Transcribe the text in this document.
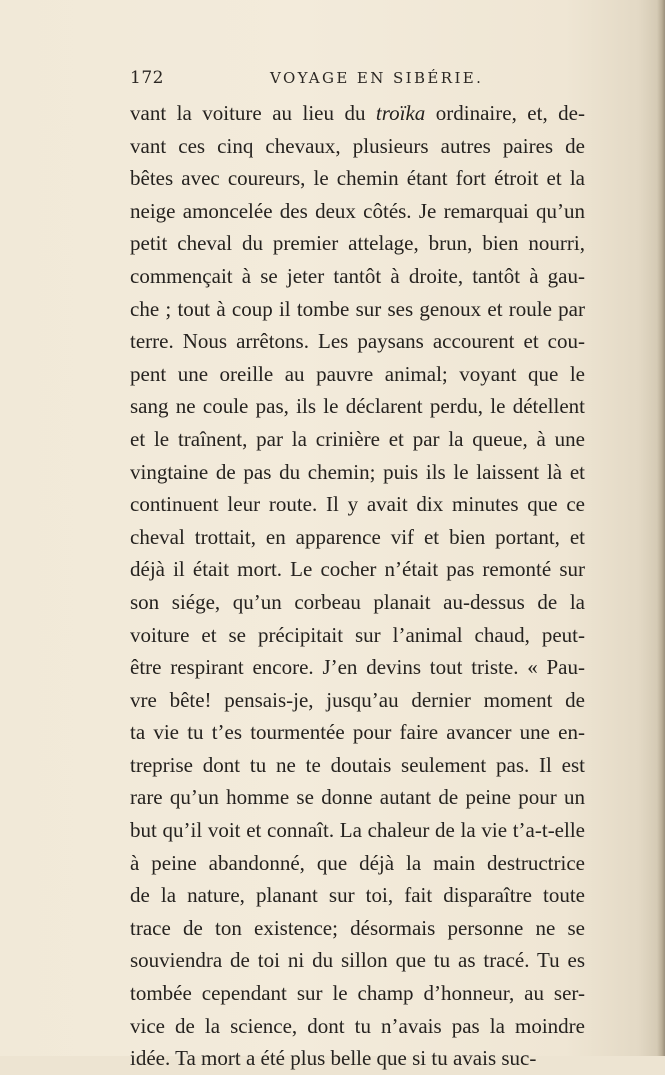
172	VOYAGE EN SIBÉRIE.
vant la voiture au lieu du troïka ordinaire, et, de-
vant ces cinq chevaux, plusieurs autres paires de
bêtes avec coureurs, le chemin étant fort étroit et la
neige amoncelée des deux côtés. Je remarquai qu’un
petit cheval du premier attelage, brun, bien nourri,
commençait à se jeter tantôt à droite, tantôt à gau-
che ; tout à coup il tombe sur ses genoux et roule par
terre. Nous arrêtons. Les paysans accourent et cou-
pent une oreille au pauvre animal; voyant que le
sang ne coule pas, ils le déclarent perdu, le détellent
et le traînent, par la crinière et par la queue, à une
vingtaine de pas du chemin; puis ils le laissent là et
continuent leur route. Il y avait dix minutes que ce
cheval trottait, en apparence vif et bien portant, et
déjà il était mort. Le cocher n’était pas remonté sur
son siége, qu’un corbeau planait au-dessus de la
voiture et se précipitait sur l’animal chaud, peut-
être respirant encore. J’en devins tout triste. « Pau-
vre bête! pensais-je, jusqu’au dernier moment de
ta vie tu t’es tourmentée pour faire avancer une en-
treprise dont tu ne te doutais seulement pas. Il est
rare qu’un homme se donne autant de peine pour un
but qu’il voit et connaît. La chaleur de la vie t’a-t-elle
à peine abandonné, que déjà la main destructrice
de la nature, planant sur toi, fait disparaître toute
trace de ton existence; désormais personne ne se
souviendra de toi ni du sillon que tu as tracé. Tu es
tombée cependant sur le champ d’honneur, au ser-
vice de la science, dont tu n’avais pas la moindre
idée. Ta mort a été plus belle que si tu avais suc-
